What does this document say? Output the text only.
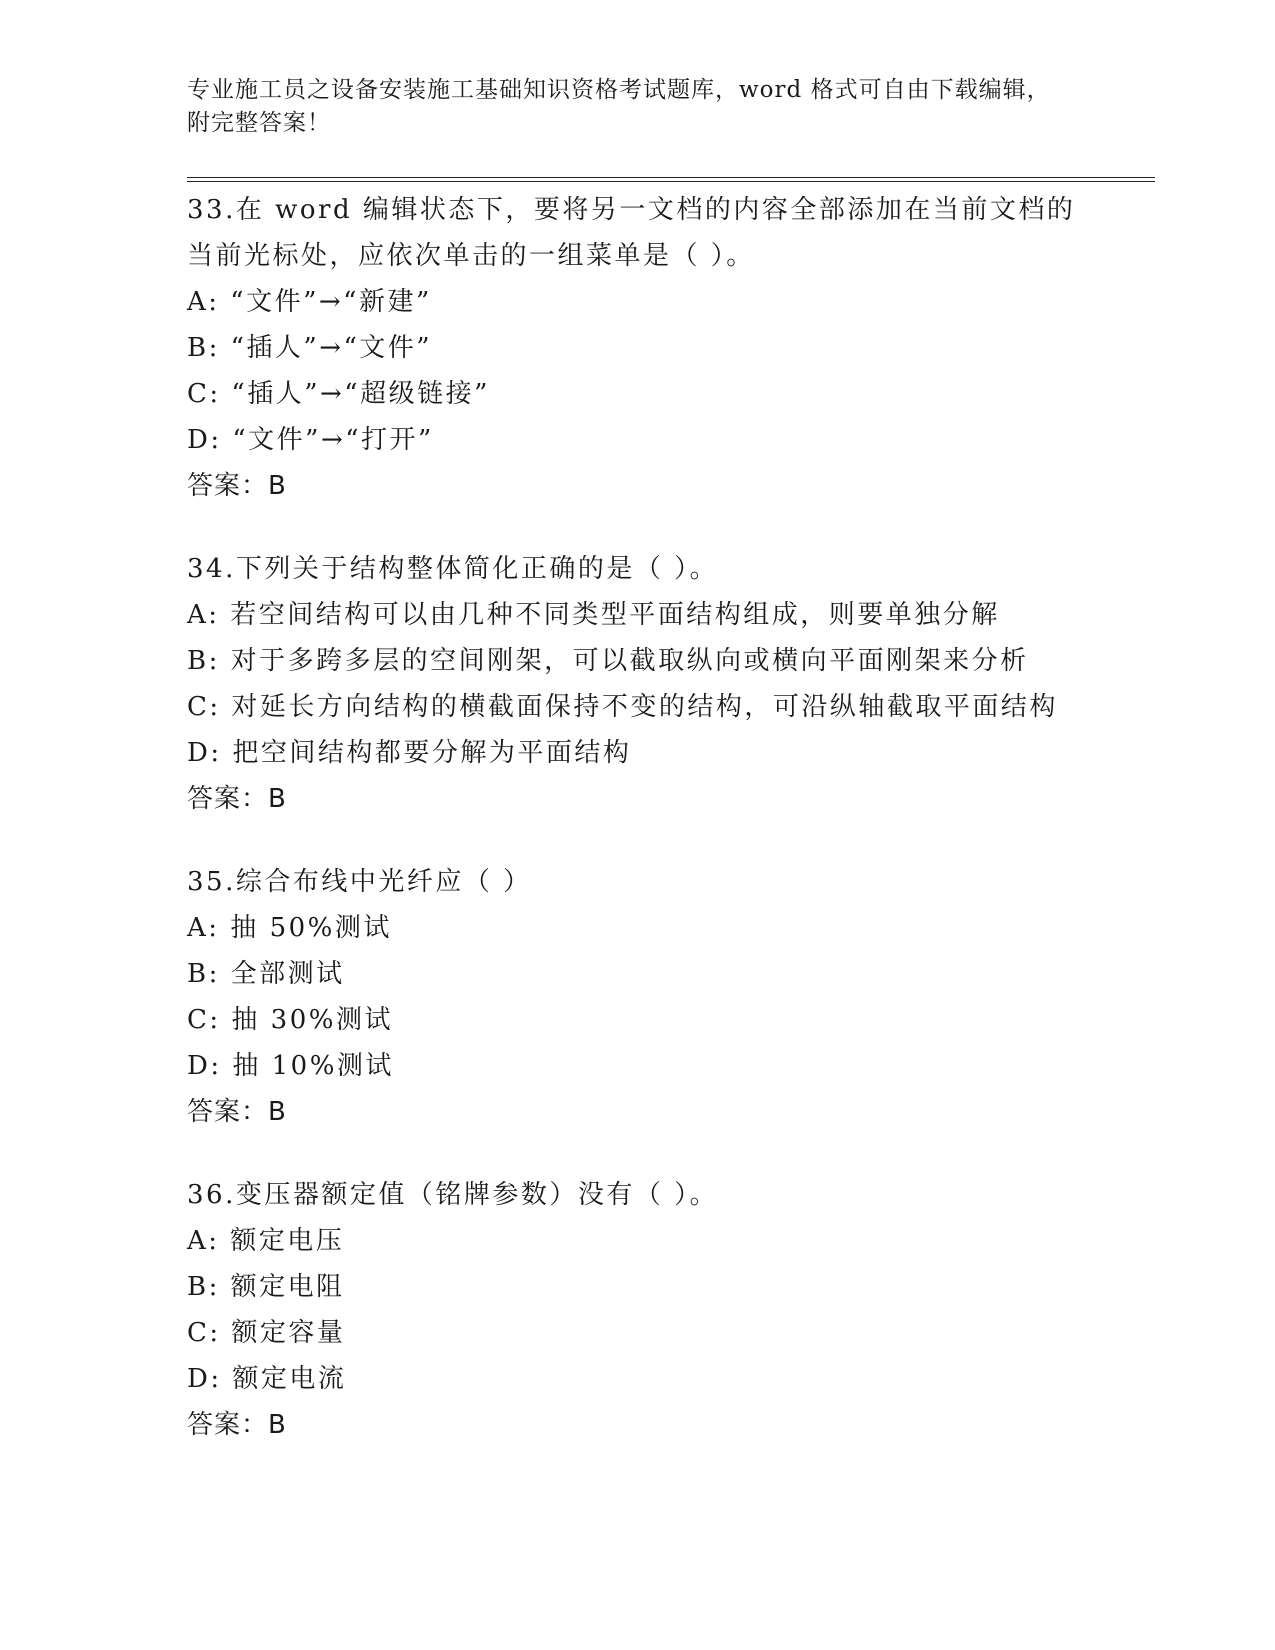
专业施工员之设备安装施工基础知识资格考试题库，word 格式可自由下载编辑，
附完整答案！
33.在 word 编辑状态下，要将另一文档的内容全部添加在当前文档的
当前光标处，应依次单击的一组菜单是（ ）。
A: “文件”→“新建”
B: “插人”→“文件”
C: “插人”→“超级链接”
D: “文件”→“打开”
答案：B
34.下列关于结构整体简化正确的是（ ）。
A: 若空间结构可以由几种不同类型平面结构组成，则要单独分解
B: 对于多跨多层的空间刚架，可以截取纵向或横向平面刚架来分析
C: 对延长方向结构的横截面保持不变的结构，可沿纵轴截取平面结构
D: 把空间结构都要分解为平面结构
答案：B
35.综合布线中光纤应（ ）
A: 抽 50%测试
B: 全部测试
C: 抽 30%测试
D: 抽 10%测试
答案：B
36.变压器额定值（铭牌参数）没有（ ）。
A: 额定电压
B: 额定电阻
C: 额定容量
D: 额定电流
答案：B
